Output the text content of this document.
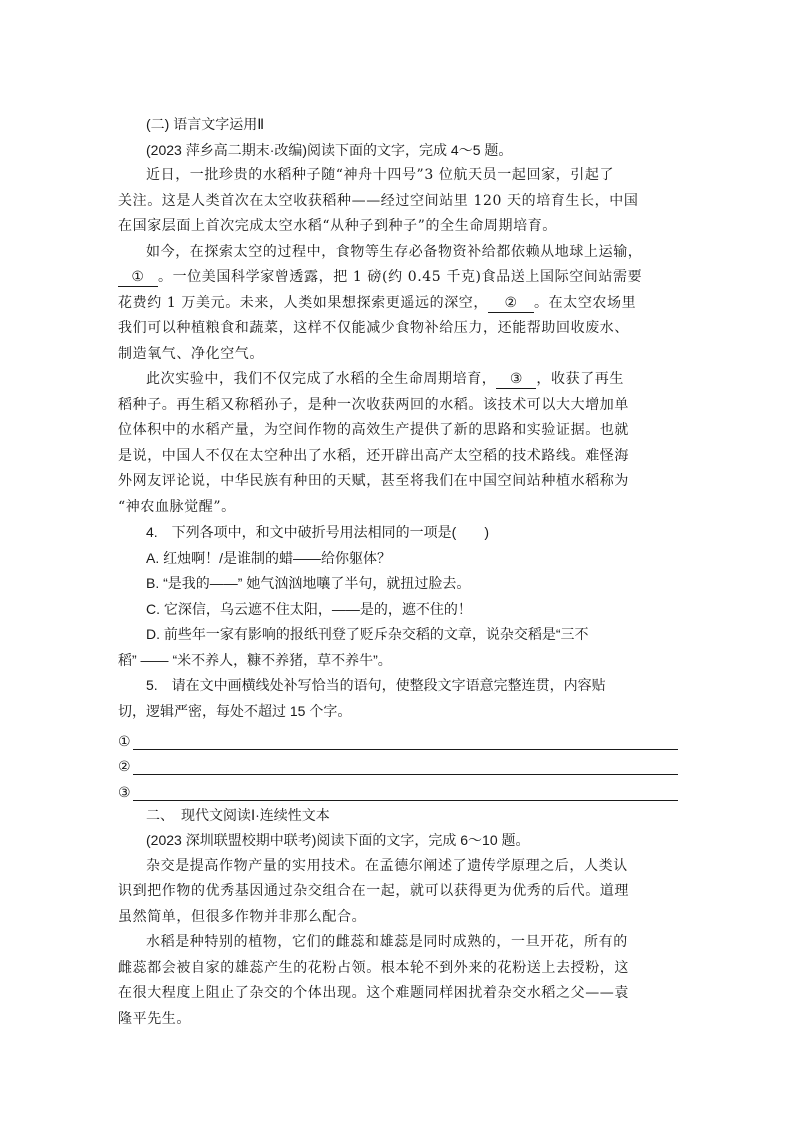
(二) 语言文字运用Ⅱ
(2023 萍乡高二期末·改编)阅读下面的文字，完成 4～5 题。
近日，一批珍贵的水稻种子随“神舟十四号”3 位航天员一起回家，引起了
关注。这是人类首次在太空收获稻种——经过空间站里 120 天的培育生长，中国
在国家层面上首次完成太空水稻“从种子到种子”的全生命周期培育。
如今，在探索太空的过程中，食物等生存必备物资补给都依赖从地球上运输，
① 。一位美国科学家曾透露，把 1 磅(约 0.45 千克)食品送上国际空间站需要
花费约 1 万美元。未来，人类如果想探索更遥远的深空， ② 。在太空农场里
我们可以种植粮食和蔬菜，这样不仅能减少食物补给压力，还能帮助回收废水、
制造氧气、净化空气。
此次实验中，我们不仅完成了水稻的全生命周期培育， ③ ，收获了再生
稻种子。再生稻又称稻孙子，是种一次收获两回的水稻。该技术可以大大增加单
位体积中的水稻产量，为空间作物的高效生产提供了新的思路和实验证据。也就
是说，中国人不仅在太空种出了水稻，还开辟出高产太空稻的技术路线。难怪海
外网友评论说，中华民族有种田的天赋，甚至将我们在中国空间站种植水稻称为
“神农血脉觉醒”。
4.　下列各项中，和文中破折号用法相同的一项是(　　)
A. 红烛啊！/是谁制的蜡——给你躯体？
B. “是我的——” 她气汹汹地嚷了半句，就扭过脸去。
C. 它深信，乌云遮不住太阳，——是的，遮不住的！
D. 前些年一家有影响的报纸刊登了贬斥杂交稻的文章，说杂交稻是“三不
稻” —— “米不养人，糠不养猪，草不养牛”。
5.　请在文中画横线处补写恰当的语句，使整段文字语意完整连贯，内容贴
切，逻辑严密，每处不超过 15 个字。
①
②
③
二、　现代文阅读Ⅰ·连续性文本
(2023 深圳联盟校期中联考)阅读下面的文字，完成 6～10 题。
杂交是提高作物产量的实用技术。在孟德尔阐述了遗传学原理之后，人类认
识到把作物的优秀基因通过杂交组合在一起，就可以获得更为优秀的后代。道理
虽然简单，但很多作物并非那么配合。
水稻是种特别的植物，它们的雌蕊和雄蕊是同时成熟的，一旦开花，所有的
雌蕊都会被自家的雄蕊产生的花粉占领。根本轮不到外来的花粉送上去授粉，这
在很大程度上阻止了杂交的个体出现。这个难题同样困扰着杂交水稻之父——袁
隆平先生。
